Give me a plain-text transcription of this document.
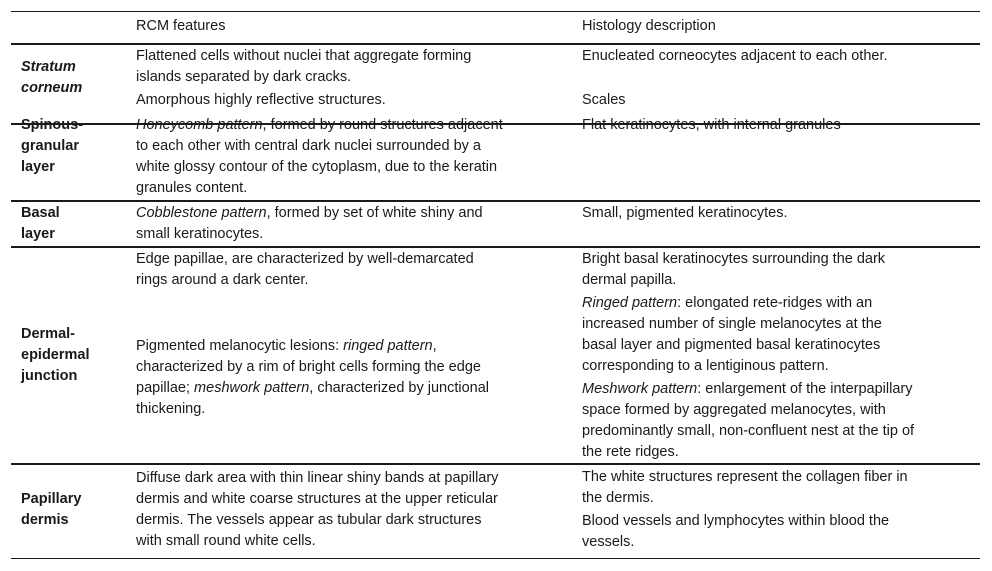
RCM features	Histology description
Stratum
corneum
Flattened cells without nuclei that aggregate forming
islands separated by dark cracks.
Amorphous highly reflective structures.
Enucleated corneocytes adjacent to each other.
Scales
Spinous-
granular
layer
Honeycomb pattern, formed by round structures adjacent
to each other with central dark nuclei surrounded by a
white glossy contour of the cytoplasm, due to the keratin
granules content.
Flat keratinocytes, with internal granules
Basal
layer
Cobblestone pattern, formed by set of white shiny and
small keratinocytes.
Small, pigmented keratinocytes.
Dermal-
epidermal
junction
Edge papillae, are characterized by well-demarcated
rings around a dark center.
Pigmented melanocytic lesions: ringed pattern,
characterized by a rim of bright cells forming the edge
papillae; meshwork pattern, characterized by junctional
thickening.
Bright basal keratinocytes surrounding the dark
dermal papilla.
Ringed pattern: elongated rete-ridges with an
increased number of single melanocytes at the
basal layer and pigmented basal keratinocytes
corresponding to a lentiginous pattern.
Meshwork pattern: enlargement of the interpapillary
space formed by aggregated melanocytes, with
predominantly small, non-confluent nest at the tip of
the rete ridges.
Papillary
dermis
Diffuse dark area with thin linear shiny bands at papillary
dermis and white coarse structures at the upper reticular
dermis. The vessels appear as tubular dark structures
with small round white cells.
The white structures represent the collagen fiber in
the dermis.
Blood vessels and lymphocytes within blood the
vessels.
